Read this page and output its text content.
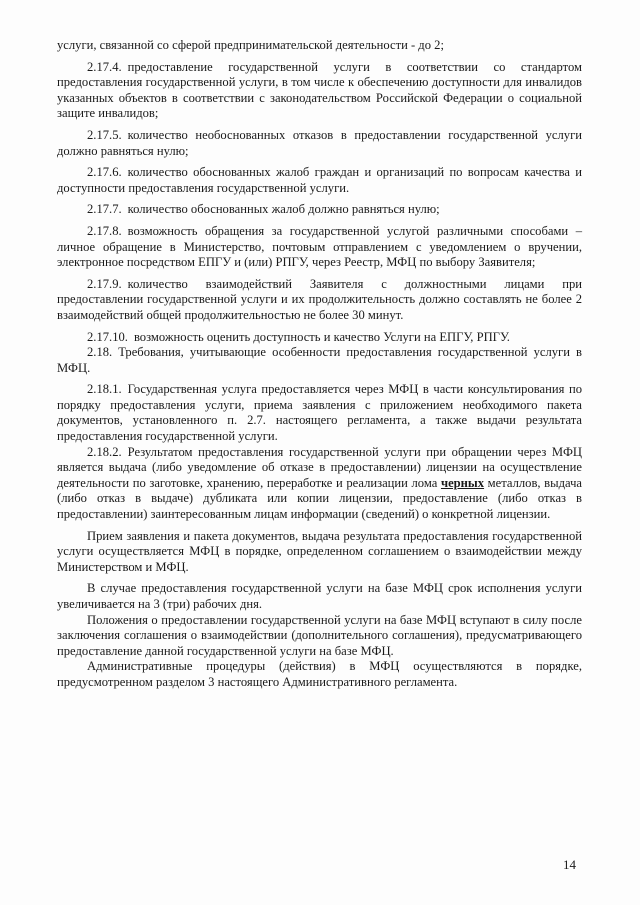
услуги, связанной со сферой предпринимательской деятельности - до 2;

2.17.4. предоставление государственной услуги в соответствии со стандартом предоставления государственной услуги, в том числе к обеспечению доступности для инвалидов указанных объектов в соответствии с законодательством Российской Федерации о социальной защите инвалидов;

2.17.5. количество необоснованных отказов в предоставлении государственной услуги должно равняться нулю;

2.17.6. количество обоснованных жалоб граждан и организаций по вопросам качества и доступности предоставления государственной услуги.

2.17.7. количество обоснованных жалоб должно равняться нулю;

2.17.8. возможность обращения за государственной услугой различными способами – личное обращение в Министерство, почтовым отправлением с уведомлением о вручении, электронное посредством ЕПГУ и (или) РПГУ, через Реестр, МФЦ по выбору Заявителя;

2.17.9. количество взаимодействий Заявителя с должностными лицами при предоставлении государственной услуги и их продолжительность должно составлять не более 2 взаимодействий общей продолжительностью не более 30 минут.

2.17.10. возможность оценить доступность и качество Услуги на ЕПГУ, РПГУ.

2.18. Требования, учитывающие особенности предоставления государственной услуги в МФЦ.

2.18.1. Государственная услуга предоставляется через МФЦ в части консультирования по порядку предоставления услуги, приема заявления с приложением необходимого пакета документов, установленного п. 2.7. настоящего регламента, а также выдачи результата предоставления государственной услуги.

2.18.2. Результатом предоставления государственной услуги при обращении через МФЦ является выдача (либо уведомление об отказе в предоставлении) лицензии на осуществление деятельности по заготовке, хранению, переработке и реализации лома черных металлов, выдача (либо отказ в выдаче) дубликата или копии лицензии, предоставление (либо отказ в предоставлении) заинтересованным лицам информации (сведений) о конкретной лицензии.

Прием заявления и пакета документов, выдача результата предоставления государственной услуги осуществляется МФЦ в порядке, определенном соглашением о взаимодействии между Министерством и МФЦ.

В случае предоставления государственной услуги на базе МФЦ срок исполнения услуги увеличивается на 3 (три) рабочих дня.

Положения о предоставлении государственной услуги на базе МФЦ вступают в силу после заключения соглашения о взаимодействии (дополнительного соглашения), предусматривающего предоставление данной государственной услуги на базе МФЦ.

Административные процедуры (действия) в МФЦ осуществляются в порядке, предусмотренном разделом 3 настоящего Административного регламента.

14
